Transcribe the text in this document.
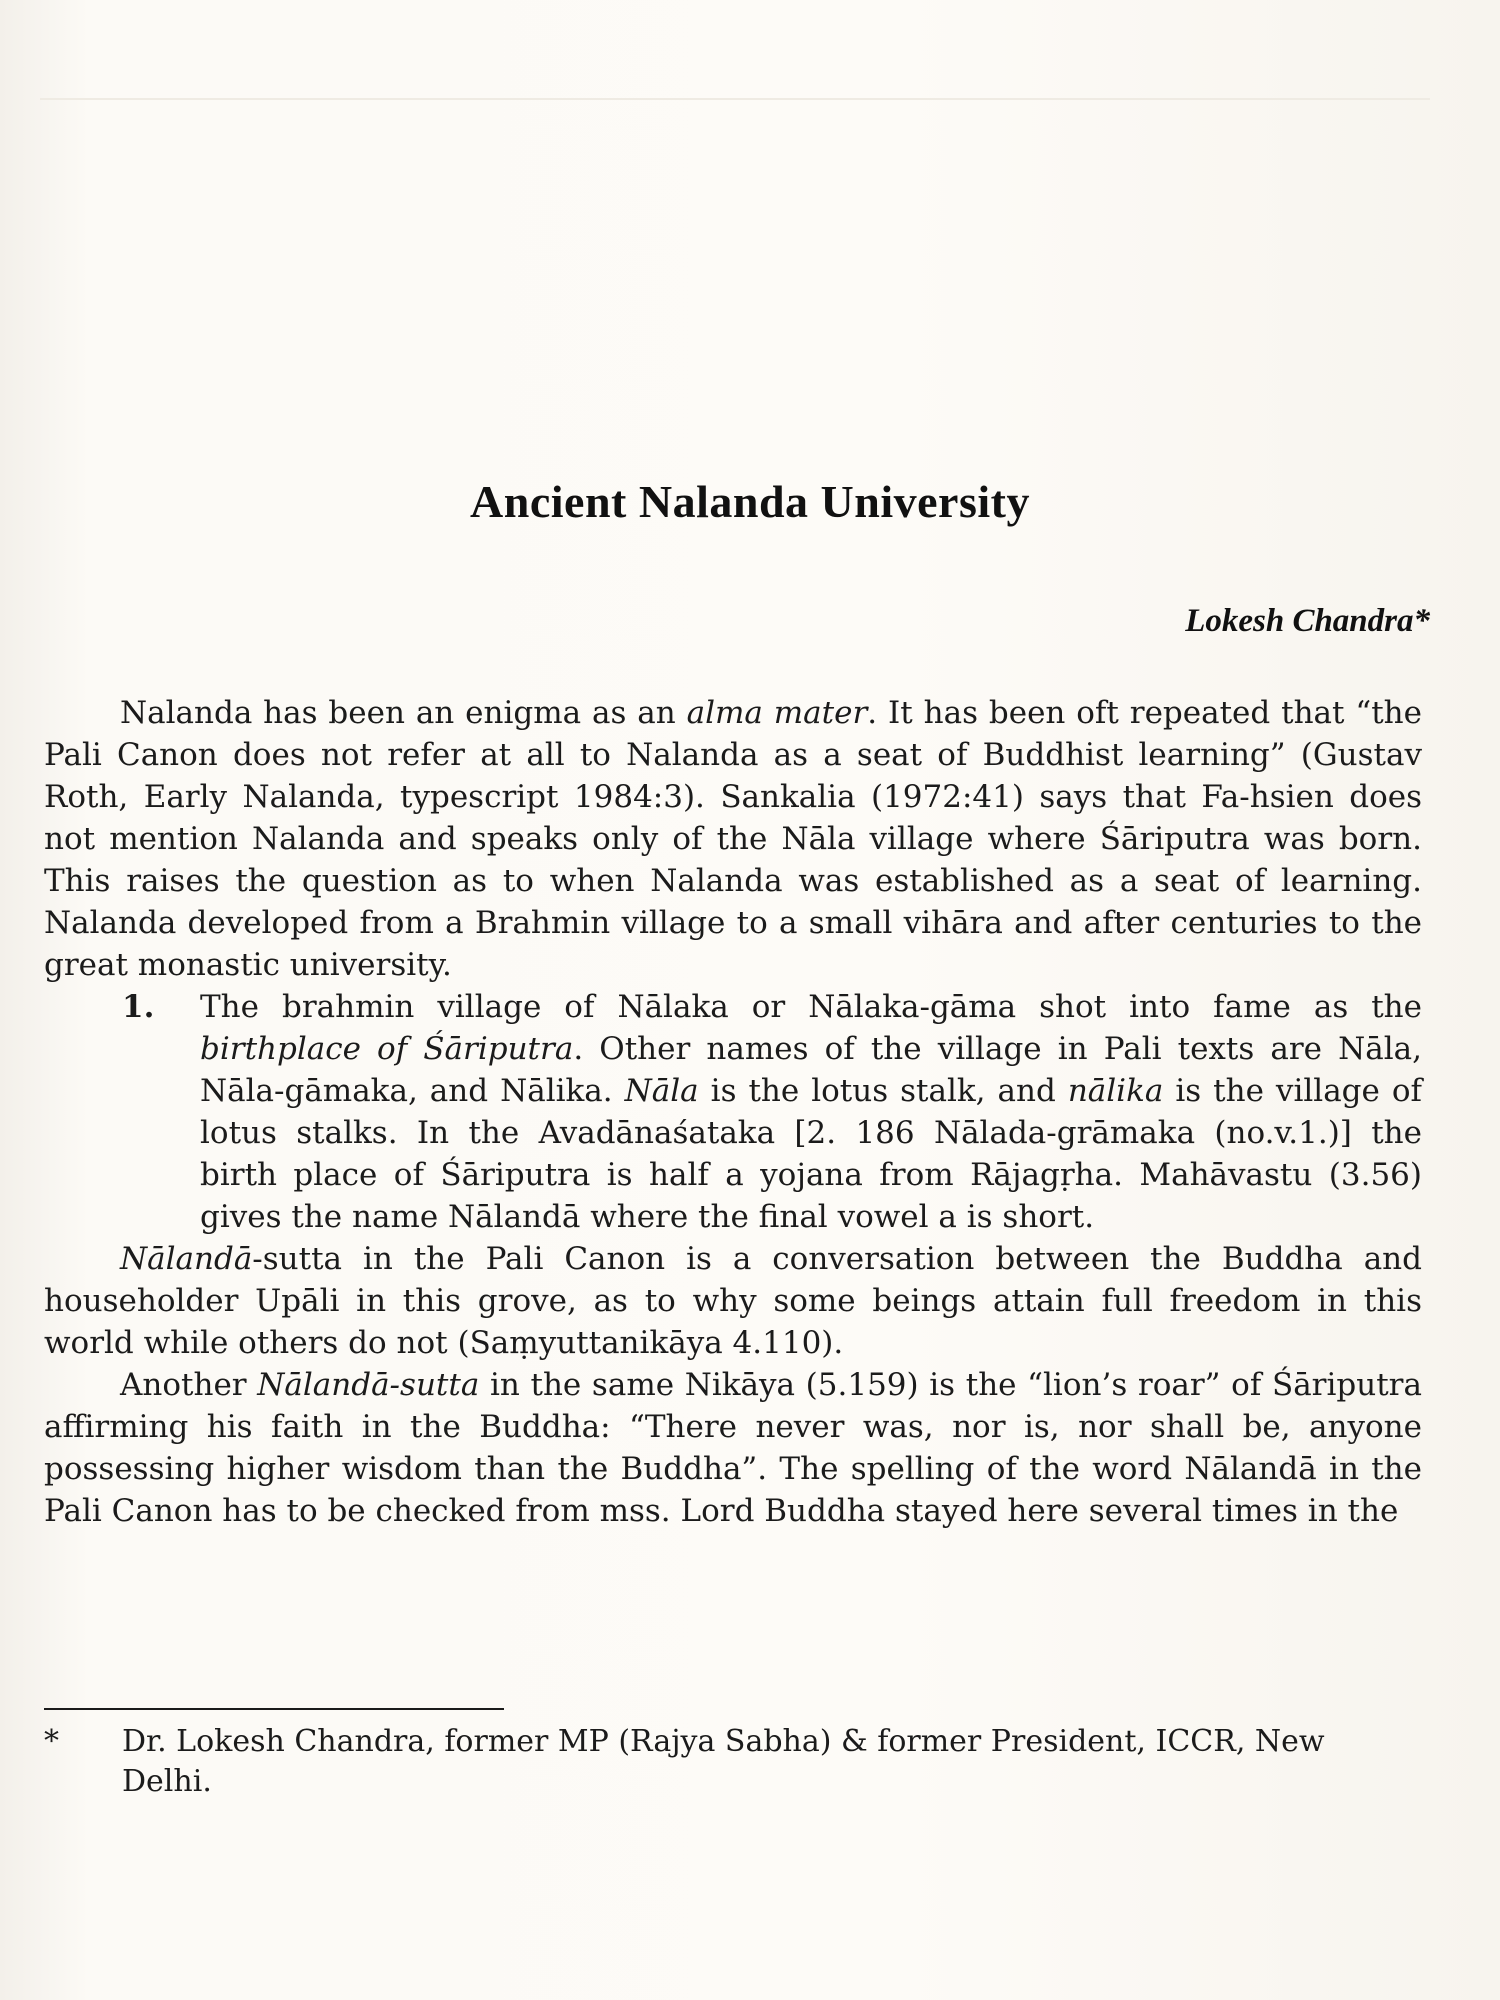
Ancient Nalanda University
Lokesh Chandra*

Nalanda has been an enigma as an alma mater. It has been oft repeated that “the Pali Canon does not refer at all to Nalanda as a seat of Buddhist learning” (Gustav Roth, Early Nalanda, typescript 1984:3). Sankalia (1972:41) says that Fa-hsien does not mention Nalanda and speaks only of the Nāla village where Śāriputra was born. This raises the question as to when Nalanda was established as a seat of learning. Nalanda developed from a Brahmin village to a small vihāra and after centuries to the great monastic university.

1. The brahmin village of Nālaka or Nālaka-gāma shot into fame as the birthplace of Śāriputra. Other names of the village in Pali texts are Nāla, Nāla-gāmaka, and Nālika. Nāla is the lotus stalk, and nālika is the village of lotus stalks. In the Avadānaśataka [2. 186 Nālada-grāmaka (no.v.1.)] the birth place of Śāriputra is half a yojana from Rājagṛha. Mahāvastu (3.56) gives the name Nālandā where the final vowel a is short.

Nālandā-sutta in the Pali Canon is a conversation between the Buddha and householder Upāli in this grove, as to why some beings attain full freedom in this world while others do not (Saṃyuttanikāya 4.110).

Another Nālandā-sutta in the same Nikāya (5.159) is the “lion’s roar” of Śāriputra affirming his faith in the Buddha: “There never was, nor is, nor shall be, anyone possessing higher wisdom than the Buddha”. The spelling of the word Nālandā in the Pali Canon has to be checked from mss. Lord Buddha stayed here several times in the

* Dr. Lokesh Chandra, former MP (Rajya Sabha) & former President, ICCR, New Delhi.
